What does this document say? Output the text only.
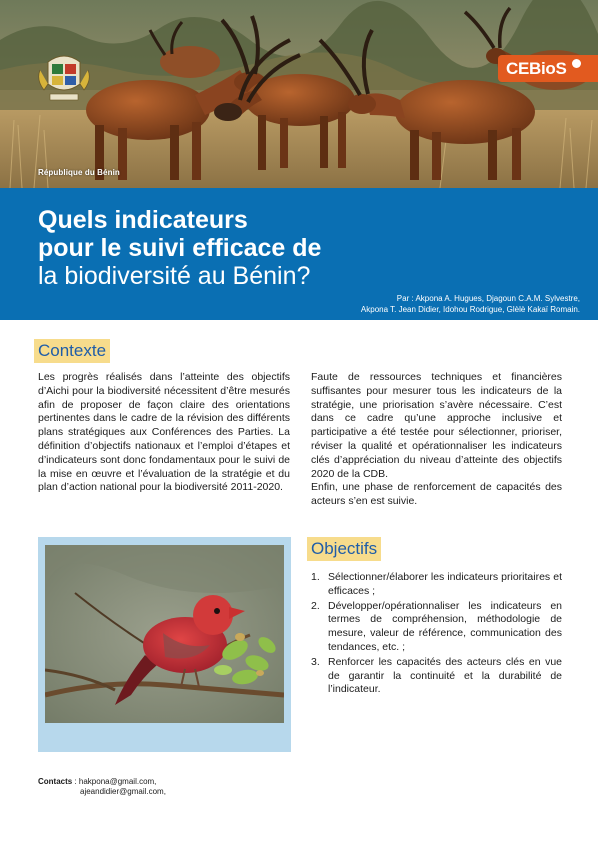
CEBioS
République du Bénin
Quels indicateurs
pour le suivi efficace de
la biodiversité au Bénin?
Par : Akpona A. Hugues, Djagoun C.A.M. Sylvestre,
Akpona T. Jean Didier, Idohou Rodrigue, Glèlè Kakaï Romain.
Contexte

Les progrès réalisés dans l’atteinte des objectifs d’Aichi pour la biodiversité nécessitent d’être mesurés afin de proposer de façon claire des orientations pertinentes dans le cadre de la révision des différents plans stratégiques aux Conférences des Parties. La définition d’objectifs nationaux et l’emploi d’étapes et d’indicateurs sont donc fondamentaux pour le suivi de la mise en œuvre et l’évaluation de la stratégie et du plan d’action national pour la biodiversité 2011-2020.

Faute de ressources techniques et financières suffisantes pour mesurer tous les indicateurs de la stratégie, une priorisation s’avère nécessaire. C’est dans ce cadre qu’une approche inclusive et participative a été testée pour sélectionner, prioriser, réviser la qualité et opérationnaliser les indicateurs clés d’appréciation du niveau d’atteinte des objectifs 2020 de la CDB.

Enfin, une phase de renforcement de capacités des acteurs s’en est suivie.

Objectifs
1. Sélectionner/élaborer les indicateurs prioritaires et efficaces ;
2. Développer/opérationnaliser les indicateurs en termes de compréhension, méthodologie de mesure, valeur de référence, communication des tendances, etc. ;
3. Renforcer les capacités des acteurs clés en vue de garantir la continuité et la durabilité de l’indicateur.
Contacts : hakpona@gmail.com,
ajeandidier@gmail.com,
